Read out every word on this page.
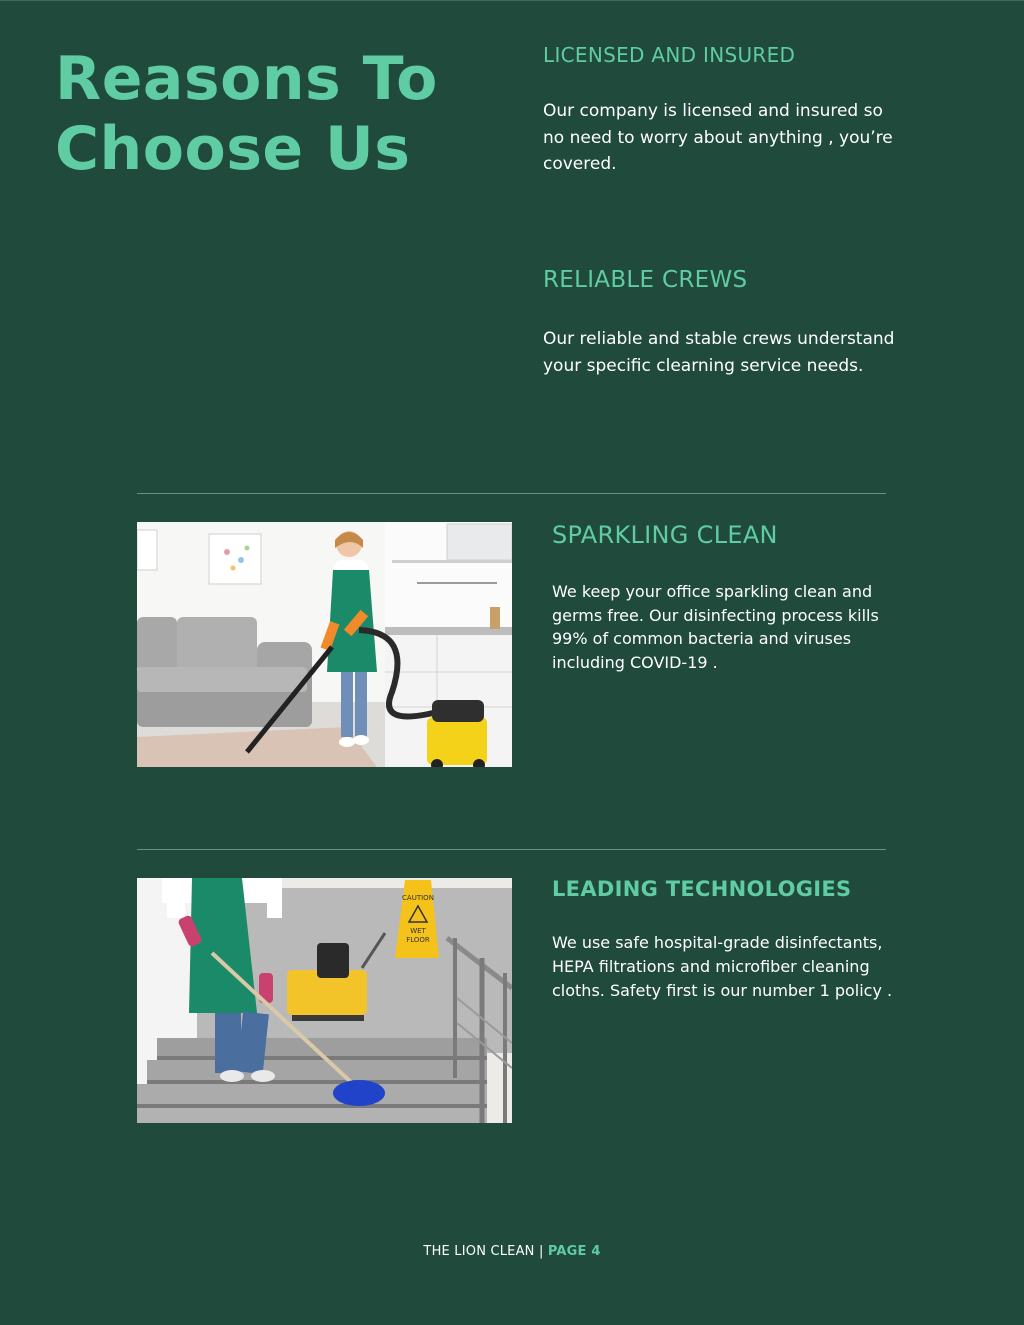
Reasons To
Choose Us
LICENSED AND INSURED

Our company is licensed and insured so no need to worry about anything , you’re covered.

RELIABLE CREWS

Our reliable and stable crews understand your specific clearning service needs.

SPARKLING CLEAN

We keep your office sparkling clean and germs free. Our disinfecting process kills 99% of common bacteria and viruses including COVID-19 .

CAUTION
WET
FLOOR
LEADING TECHNOLOGIES

We use safe hospital-grade disinfectants, HEPA filtrations and microfiber cleaning cloths. Safety first is our number 1 policy .

THE LION CLEAN | PAGE 4
